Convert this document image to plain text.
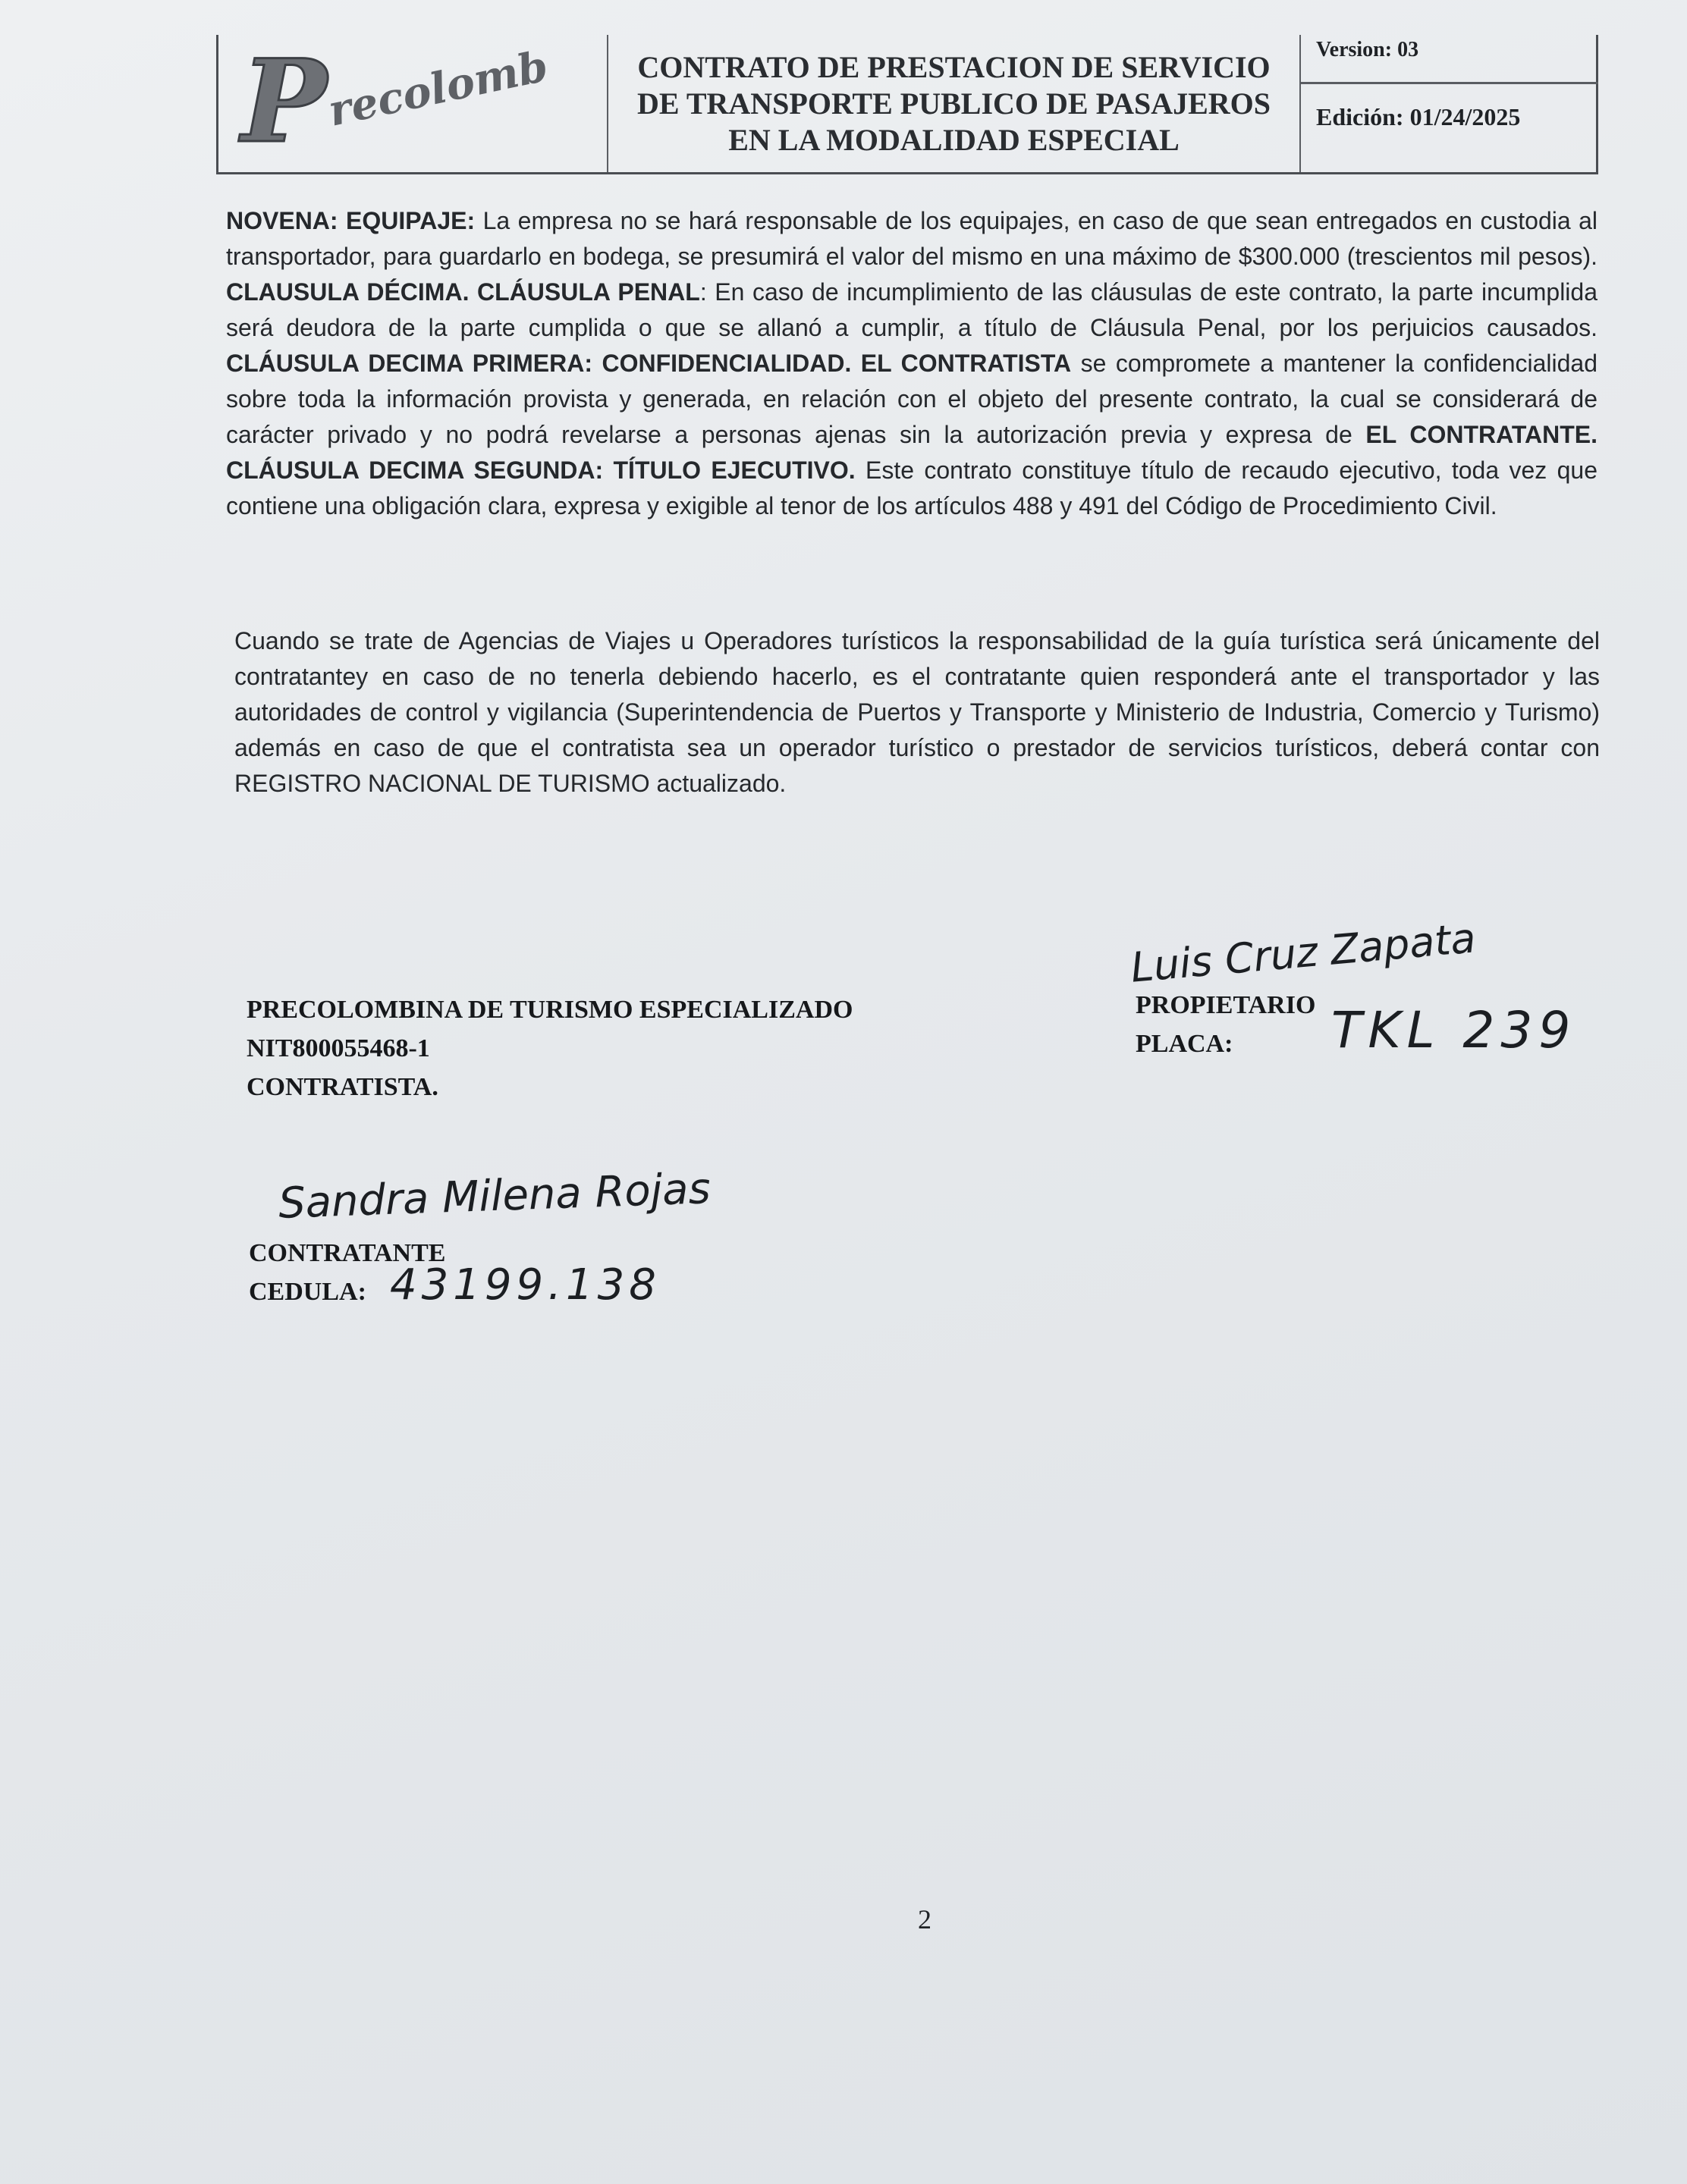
P
recolomb	CONTRATO DE PRESTACION DE SERVICIO
DE TRANSPORTE PUBLICO DE PASAJEROS
EN LA MODALIDAD ESPECIAL
Version: 03
Edición: 01/24/2025
NOVENA: EQUIPAJE: La empresa no se hará responsable de los equipajes, en caso de que sean entregados en custodia al transportador, para guardarlo en bodega, se presumirá el valor del mismo en una máximo de $300.000 (trescientos mil pesos). CLAUSULA DÉCIMA. CLÁUSULA PENAL: En caso de incumplimiento de las cláusulas de este contrato, la parte incumplida será deudora de la parte cumplida o que se allanó a cumplir, a título de Cláusula Penal, por los perjuicios causados. CLÁUSULA DECIMA PRIMERA: CONFIDENCIALIDAD. EL CONTRATISTA se compromete a mantener la confidencialidad sobre toda la información provista y generada, en relación con el objeto del presente contrato, la cual se considerará de carácter privado y no podrá revelarse a personas ajenas sin la autorización previa y expresa de EL CONTRATANTE. CLÁUSULA DECIMA SEGUNDA: TÍTULO EJECUTIVO. Este contrato constituye título de recaudo ejecutivo, toda vez que contiene una obligación clara, expresa y exigible al tenor de los artículos 488 y 491 del Código de Procedimiento Civil.
Cuando se trate de Agencias de Viajes u Operadores turísticos la responsabilidad de la guía turística será únicamente del contratantey en caso de no tenerla debiendo hacerlo, es el contratante quien responderá ante el transportador y las autoridades de control y vigilancia (Superintendencia de Puertos y Transporte y Ministerio de Industria, Comercio y Turismo) además en caso de que el contratista sea un operador turístico o prestador de servicios turísticos, deberá contar con REGISTRO NACIONAL DE TURISMO actualizado.
PRECOLOMBINA DE TURISMO ESPECIALIZADO
NIT800055468-1
CONTRATISTA.
Luis Cruz Zapata
PROPIETARIO
PLACA: TKL 239
Sandra Milena Rojas
CONTRATANTE
CEDULA: 43199.138
2
